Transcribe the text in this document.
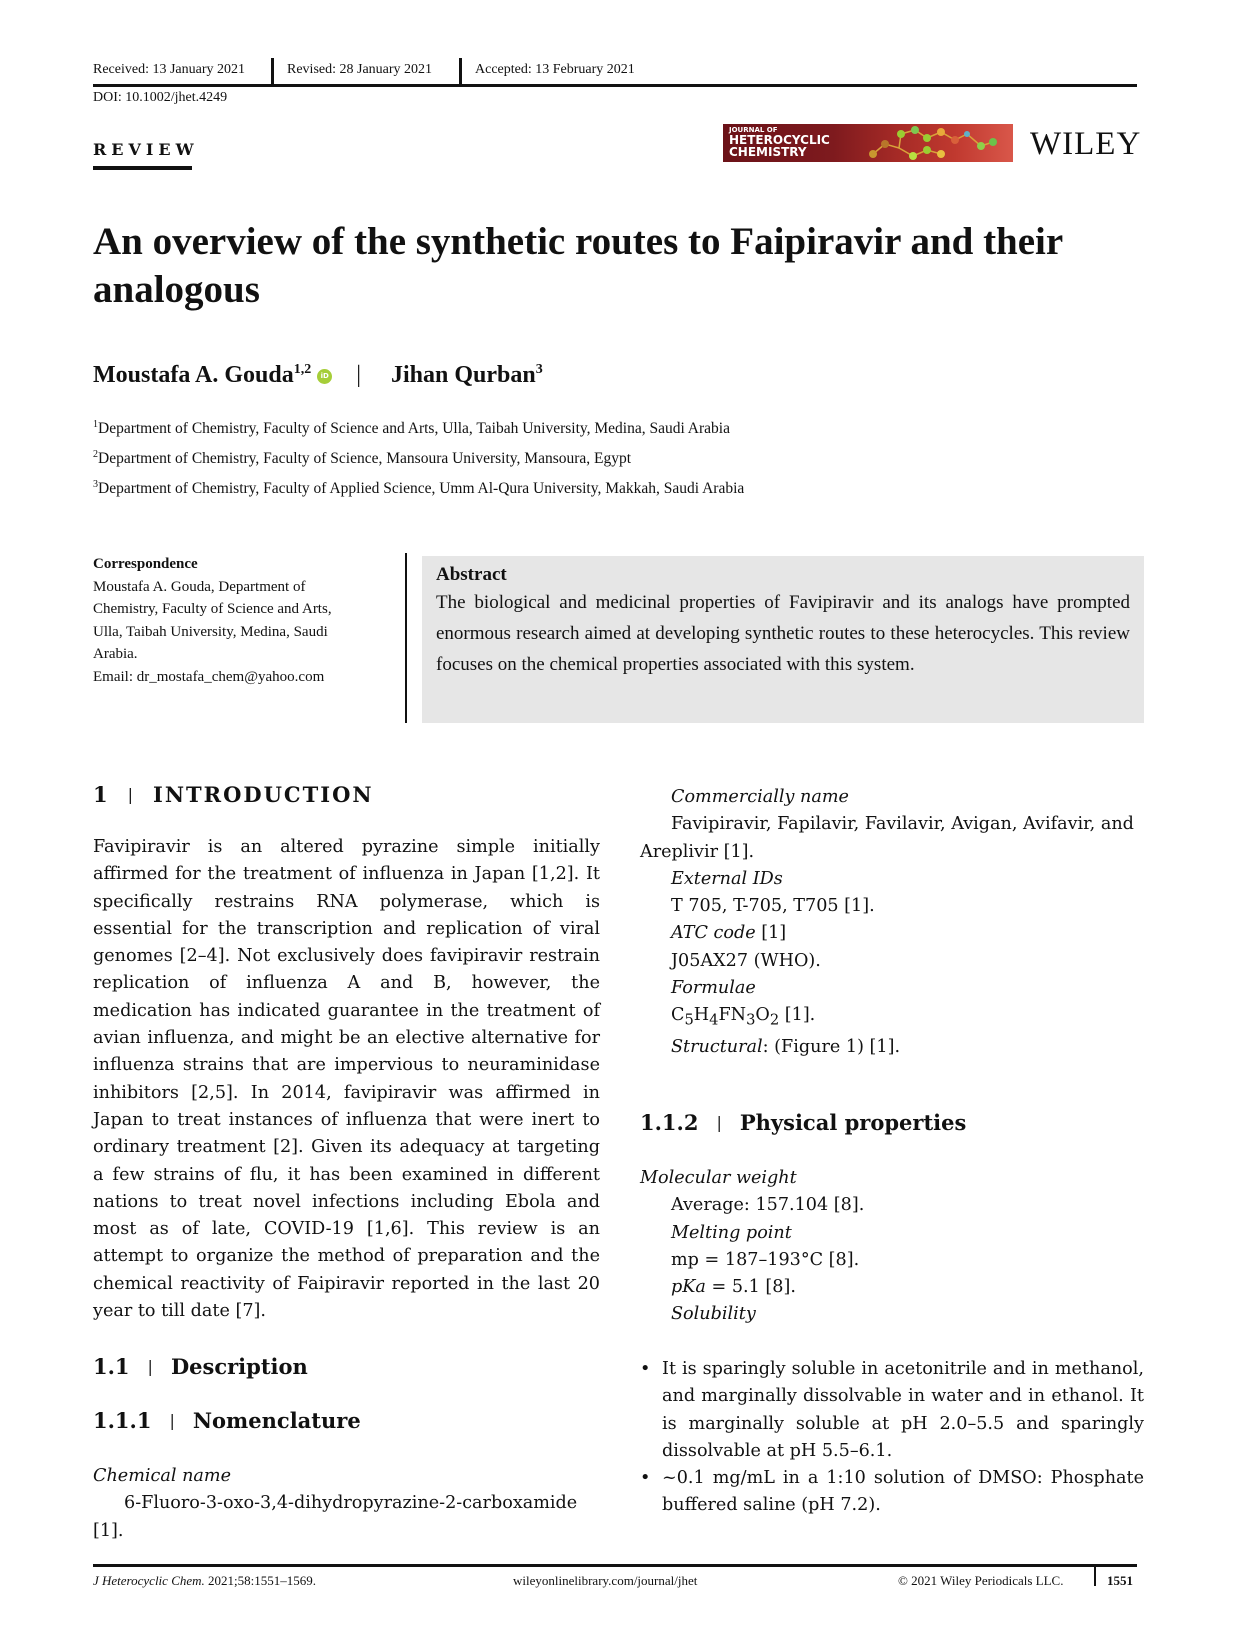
Received: 13 January 2021	Revised: 28 January 2021	Accepted: 13 February 2021
DOI: 10.1002/jhet.4249
REVIEW
JOURNAL OF
HETEROCYCLIC
CHEMISTRY	WILEY
An overview of the synthetic routes to Faipiravir and their analogous
Moustafa A. Gouda$^{1,2}$ iD | Jihan Qurban$^3$
$^1$Department of Chemistry, Faculty of Science and Arts, Ulla, Taibah University, Medina, Saudi Arabia
$^2$Department of Chemistry, Faculty of Science, Mansoura University, Mansoura, Egypt
$^3$Department of Chemistry, Faculty of Applied Science, Umm Al-Qura University, Makkah, Saudi Arabia
Correspondence
Moustafa A. Gouda, Department of
Chemistry, Faculty of Science and Arts,
Ulla, Taibah University, Medina, Saudi
Arabia.
Email: dr_mostafa_chem@yahoo.com
Abstract
The biological and medicinal properties of Favipiravir and its analogs have prompted enormous research aimed at developing synthetic routes to these heterocycles. This review focuses on the chemical properties associated with this system.
1 | INTRODUCTION
Favipiravir is an altered pyrazine simple initially affirmed for the treatment of influenza in Japan [1,2]. It specifically restrains RNA polymerase, which is essential for the transcription and replication of viral genomes [2–4]. Not exclusively does favipiravir restrain replication of influenza A and B, however, the medication has indicated guarantee in the treatment of avian influenza, and might be an elective alternative for influenza strains that are impervious to neuraminidase inhibitors [2,5]. In 2014, favipiravir was affirmed in Japan to treat instances of influenza that were inert to ordinary treatment [2]. Given its adequacy at targeting a few strains of flu, it has been examined in different nations to treat novel infections including Ebola and most as of late, COVID-19 [1,6]. This review is an attempt to organize the method of preparation and the chemical reactivity of Faipiravir reported in the last 20 year to till date [7].
1.1 | Description
1.1.1 | Nomenclature
Chemical name
6-Fluoro-3-oxo-3,4-dihydropyrazine-2-carboxamide
[1].
Commercially name
Favipiravir, Fapilavir, Favilavir, Avigan, Avifavir, and
Areplivir [1].
External IDs
T 705, T-705, T705 [1].
ATC code [1]
J05AX27 (WHO).
Formulae
$C_5H_4FN_3O_2$ [1].
Structural: (Figure 1) [1].
1.1.2 | Physical properties
Molecular weight
Average: 157.104 [8].
Melting point
mp = 187–193°C [8].
pKa = 5.1 [8].
Solubility
• It is sparingly soluble in acetonitrile and in methanol, and marginally dissolvable in water and in ethanol. It is marginally soluble at pH 2.0–5.5 and sparingly dissolvable at pH 5.5–6.1.
• ~0.1 mg/mL in a 1:10 solution of DMSO: Phosphate buffered saline (pH 7.2).
J Heterocyclic Chem. 2021;58:1551–1569.	wileyonlinelibrary.com/journal/jhet	© 2021 Wiley Periodicals LLC.	1551
